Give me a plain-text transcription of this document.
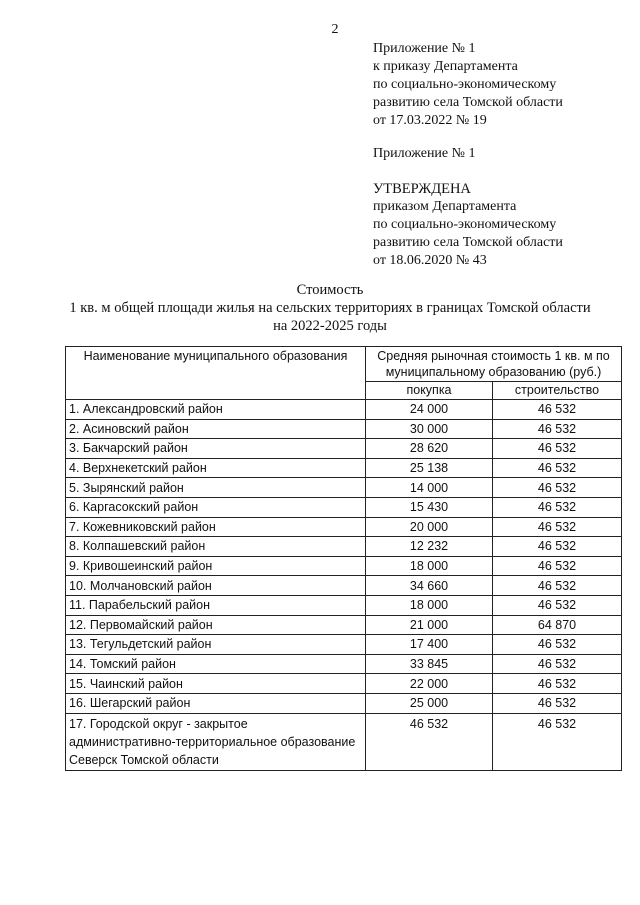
2
Приложение № 1
к приказу Департамента
по социально-экономическому
развитию села Томской области
от 17.03.2022 № 19
Приложение № 1
УТВЕРЖДЕНА
приказом Департамента
по социально-экономическому
развитию села Томской области
от 18.06.2020 № 43
Стоимость
1 кв. м общей площади жилья на сельских территориях в границах Томской области
на 2022-2025 годы
Наименование муниципального образования	Средняя рыночная стоимость 1 кв. м по муниципальному образованию (руб.)	
	покупка	строительство
1. Александровский район	24 000	46 532
2. Асиновский район	30 000	46 532
3. Бакчарский район	28 620	46 532
4. Верхнекетский район	25 138	46 532
5. Зырянский район	14 000	46 532
6. Каргасокский район	15 430	46 532
7. Кожевниковский район	20 000	46 532
8. Колпашевский район	12 232	46 532
9. Кривошеинский район	18 000	46 532
10. Молчановский район	34 660	46 532
11. Парабельский район	18 000	46 532
12. Первомайский район	21 000	64 870
13. Тегульдетский район	17 400	46 532
14. Томский район	33 845	46 532
15. Чаинский район	22 000	46 532
16. Шегарский район	25 000	46 532

17. Городской округ - закрытое
административно-территориальное образование
Северск Томской области	46 532	46 532
